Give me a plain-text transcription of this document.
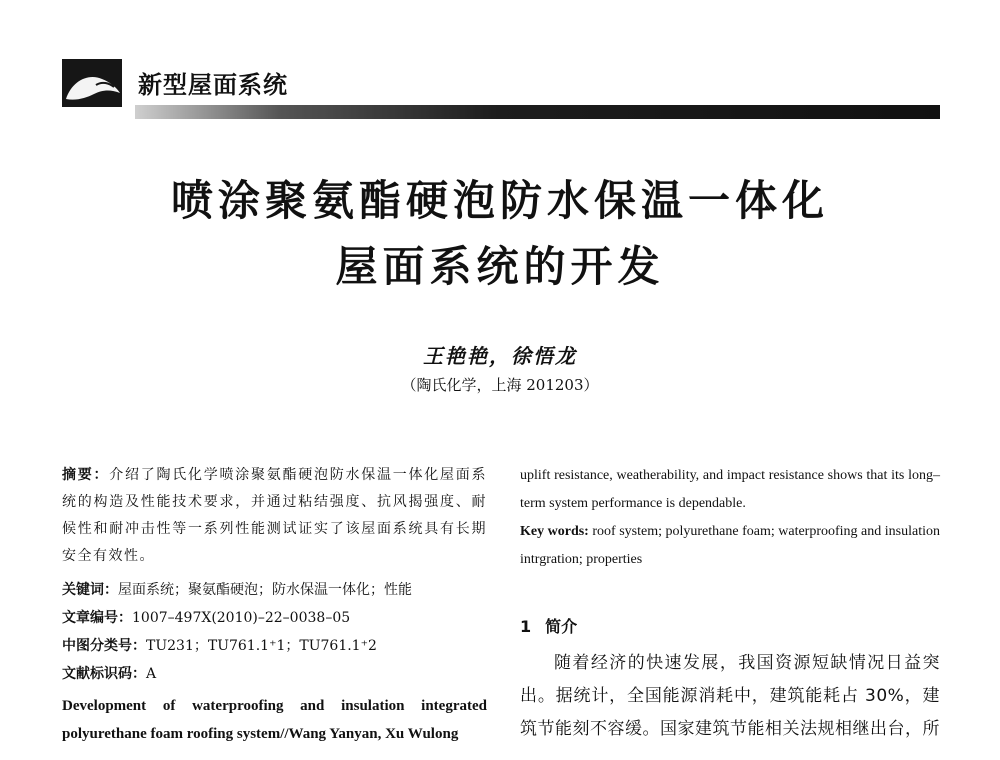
新型屋面系统
喷涂聚氨酯硬泡防水保温一体化
屋面系统的开发
王艳艳，徐悟龙
（陶氏化学，上海 201203）

摘要：介绍了陶氏化学喷涂聚氨酯硬泡防水保温一体化屋面系统的构造及性能技术要求，并通过粘结强度、抗风揭强度、耐候性和耐冲击性等一系列性能测试证实了该屋面系统具有长期安全有效性。

关键词：屋面系统；聚氨酯硬泡；防水保温一体化；性能

文章编号：1007–497X(2010)–22–0038–05

中图分类号：TU231；TU761.1⁺1；TU761.1⁺2

文献标识码：A

Development of waterproofing and insulation integrated polyurethane foam roofing system//Wang Yanyan, Xu Wulong

uplift resistance, weatherability, and impact resistance shows that its long–term system performance is dependable.

Key words: roof system; polyurethane foam; waterproofing and insulation intrgration; properties

1 简介

随着经济的快速发展，我国资源短缺情况日益突出。据统计，全国能源消耗中，建筑能耗占 30%，建筑节能刻不容缓。国家建筑节能相关法规相继出台，所
